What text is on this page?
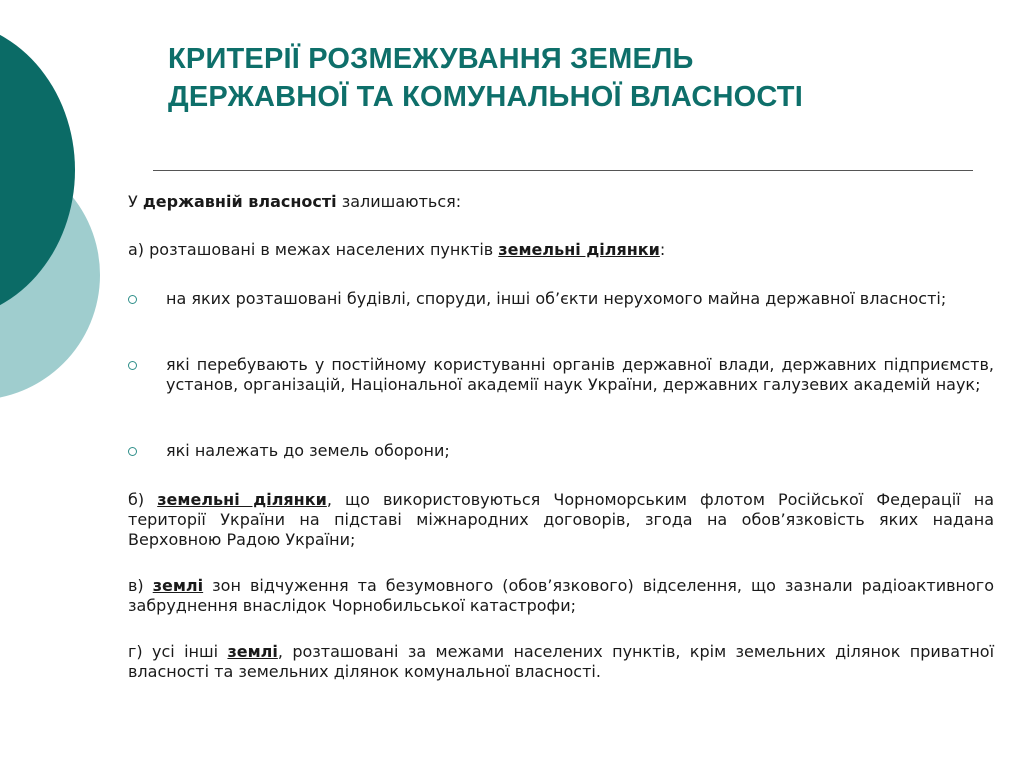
КРИТЕРІЇ РОЗМЕЖУВАННЯ ЗЕМЕЛЬ
ДЕРЖАВНОЇ ТА КОМУНАЛЬНОЇ ВЛАСНОСТІ

У державній власності залишаються:

а) розташовані в межах населених пунктів земельні ділянки:

на яких розташовані будівлі, споруди, інші об’єкти нерухомого майна державної власності;

які перебувають у постійному користуванні органів державної влади, державних підприємств, установ, організацій, Національної академії наук України, державних галузевих академій наук;

які належать до земель оборони;

б) земельні ділянки, що використовуються Чорноморським флотом Російської Федерації на території України на підставі міжнародних договорів, згода на обов’язковість яких надана Верховною Радою України;

в) землі зон відчуження та безумовного (обов’язкового) відселення, що зазнали радіоактивного забруднення внаслідок Чорнобильської катастрофи;

г) усі інші землі, розташовані за межами населених пунктів, крім земельних ділянок приватної власності та земельних ділянок комунальної власності.
